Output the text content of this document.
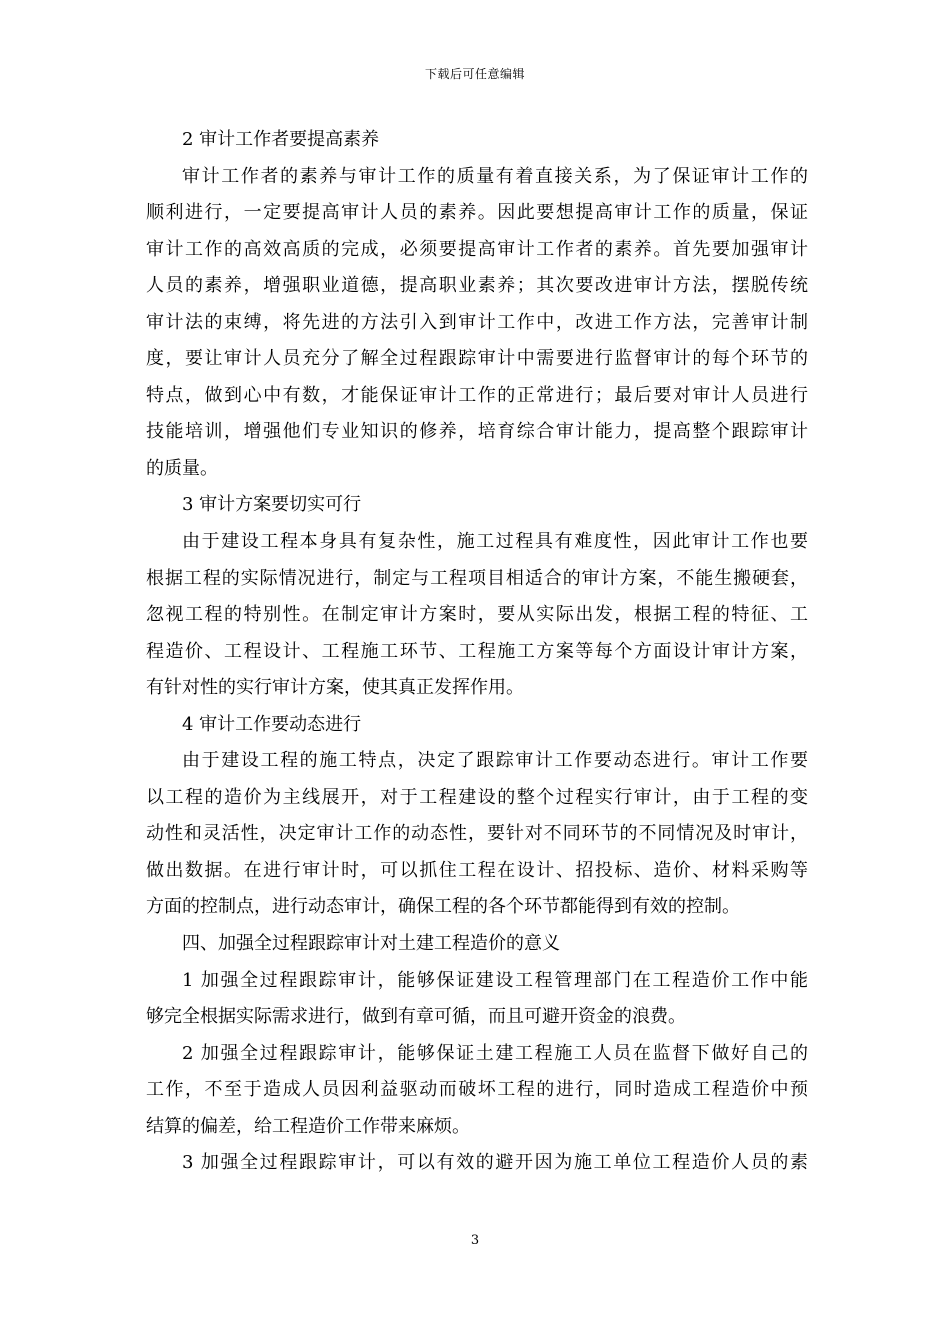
下载后可任意编辑
2 审计工作者要提高素养
审计工作者的素养与审计工作的质量有着直接关系，为了保证审计工作的
顺利进行，一定要提高审计人员的素养。因此要想提高审计工作的质量，保证
审计工作的高效高质的完成，必须要提高审计工作者的素养。首先要加强审计
人员的素养，增强职业道德，提高职业素养；其次要改进审计方法，摆脱传统
审计法的束缚，将先进的方法引入到审计工作中，改进工作方法，完善审计制
度，要让审计人员充分了解全过程跟踪审计中需要进行监督审计的每个环节的
特点，做到心中有数，才能保证审计工作的正常进行；最后要对审计人员进行
技能培训，增强他们专业知识的修养，培育综合审计能力，提高整个跟踪审计
的质量。
3 审计方案要切实可行
由于建设工程本身具有复杂性，施工过程具有难度性，因此审计工作也要
根据工程的实际情况进行，制定与工程项目相适合的审计方案，不能生搬硬套，
忽视工程的特别性。在制定审计方案时，要从实际出发，根据工程的特征、工
程造价、工程设计、工程施工环节、工程施工方案等每个方面设计审计方案，
有针对性的实行审计方案，使其真正发挥作用。
4 审计工作要动态进行
由于建设工程的施工特点，决定了跟踪审计工作要动态进行。审计工作要
以工程的造价为主线展开，对于工程建设的整个过程实行审计，由于工程的变
动性和灵活性，决定审计工作的动态性，要针对不同环节的不同情况及时审计，
做出数据。在进行审计时，可以抓住工程在设计、招投标、造价、材料采购等
方面的控制点，进行动态审计，确保工程的各个环节都能得到有效的控制。
四、加强全过程跟踪审计对土建工程造价的意义
1 加强全过程跟踪审计，能够保证建设工程管理部门在工程造价工作中能
够完全根据实际需求进行，做到有章可循，而且可避开资金的浪费。
2 加强全过程跟踪审计，能够保证土建工程施工人员在监督下做好自己的
工作，不至于造成人员因利益驱动而破坏工程的进行，同时造成工程造价中预
结算的偏差，给工程造价工作带来麻烦。
3 加强全过程跟踪审计，可以有效的避开因为施工单位工程造价人员的素
3
